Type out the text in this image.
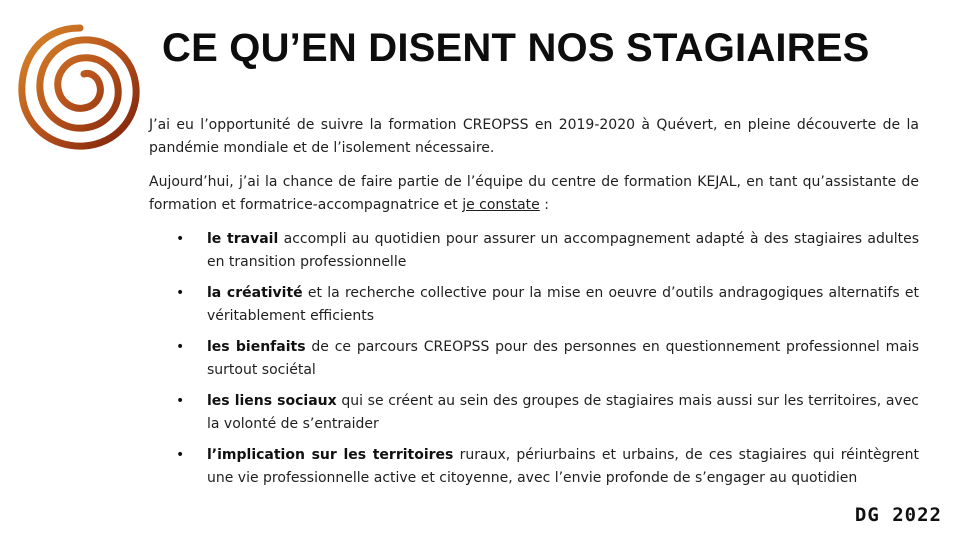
CE QU’EN DISENT NOS STAGIAIRES

J’ai eu l’opportunité de suivre la formation CREOPSS en 2019-2020 à Quévert, en pleine découverte de la pandémie mondiale et de l’isolement nécessaire.

Aujourd’hui, j’ai la chance de faire partie de l’équipe du centre de formation KEJAL, en tant qu’assistante de formation et formatrice-accompagnatrice et je constate :

• le travail accompli au quotidien pour assurer un accompagnement adapté à des stagiaires adultes en transition professionnelle
• la créativité et la recherche collective pour la mise en oeuvre d’outils andragogiques alternatifs et véritablement efficients
• les bienfaits de ce parcours CREOPSS pour des personnes en questionnement professionnel mais surtout sociétal
• les liens sociaux qui se créent au sein des groupes de stagiaires mais aussi sur les territoires, avec la volonté de s’entraider
• l’implication sur les territoires ruraux, périurbains et urbains, de ces stagiaires qui réintègrent une vie professionnelle active et citoyenne, avec l’envie profonde de s’engager au quotidien
DG 2022
